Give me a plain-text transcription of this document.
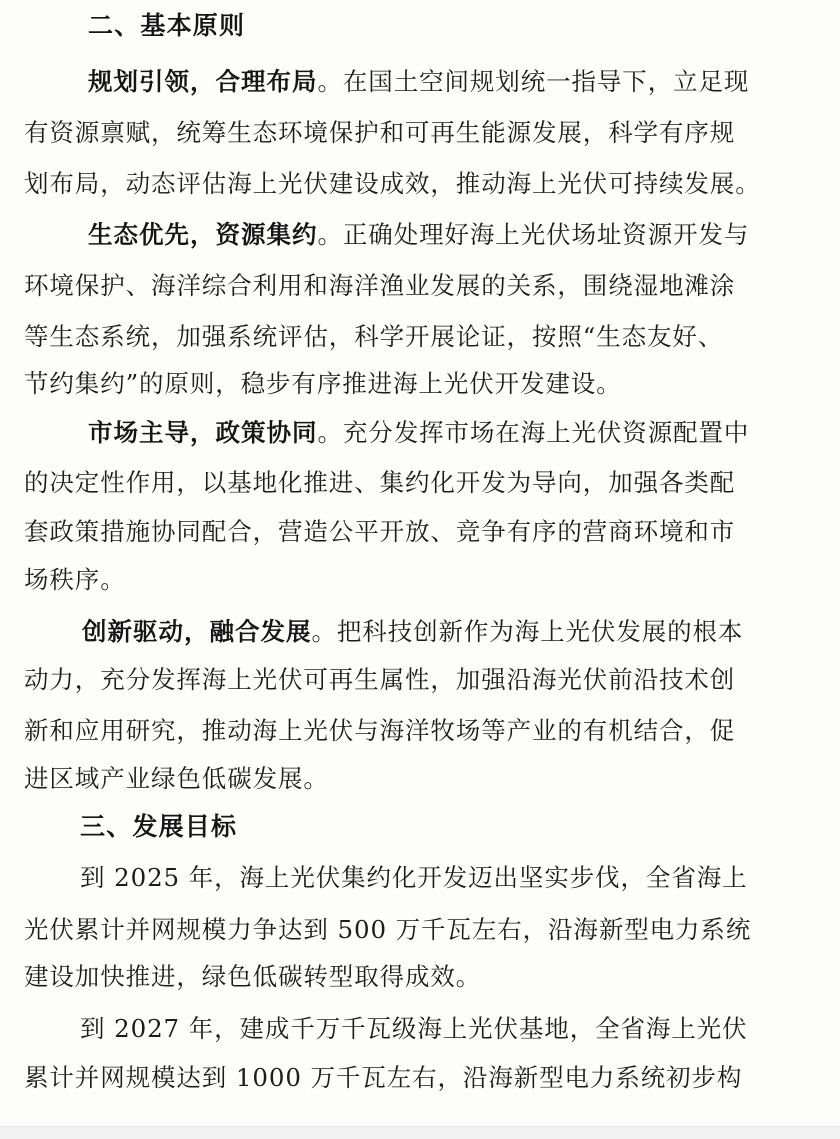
二、基本原则
规划引领，合理布局。在国土空间规划统一指导下，立足现
有资源禀赋，统筹生态环境保护和可再生能源发展，科学有序规
划布局，动态评估海上光伏建设成效，推动海上光伏可持续发展。
生态优先，资源集约。正确处理好海上光伏场址资源开发与
环境保护、海洋综合利用和海洋渔业发展的关系，围绕湿地滩涂
等生态系统，加强系统评估，科学开展论证，按照“生态友好、
节约集约”的原则，稳步有序推进海上光伏开发建设。
市场主导，政策协同。充分发挥市场在海上光伏资源配置中
的决定性作用，以基地化推进、集约化开发为导向，加强各类配
套政策措施协同配合，营造公平开放、竞争有序的营商环境和市
场秩序。
创新驱动，融合发展。把科技创新作为海上光伏发展的根本
动力，充分发挥海上光伏可再生属性，加强沿海光伏前沿技术创
新和应用研究，推动海上光伏与海洋牧场等产业的有机结合，促
进区域产业绿色低碳发展。
三、发展目标
到 2025 年，海上光伏集约化开发迈出坚实步伐，全省海上
光伏累计并网规模力争达到 500 万千瓦左右，沿海新型电力系统
建设加快推进，绿色低碳转型取得成效。
到 2027 年，建成千万千瓦级海上光伏基地，全省海上光伏
累计并网规模达到 1000 万千瓦左右，沿海新型电力系统初步构
